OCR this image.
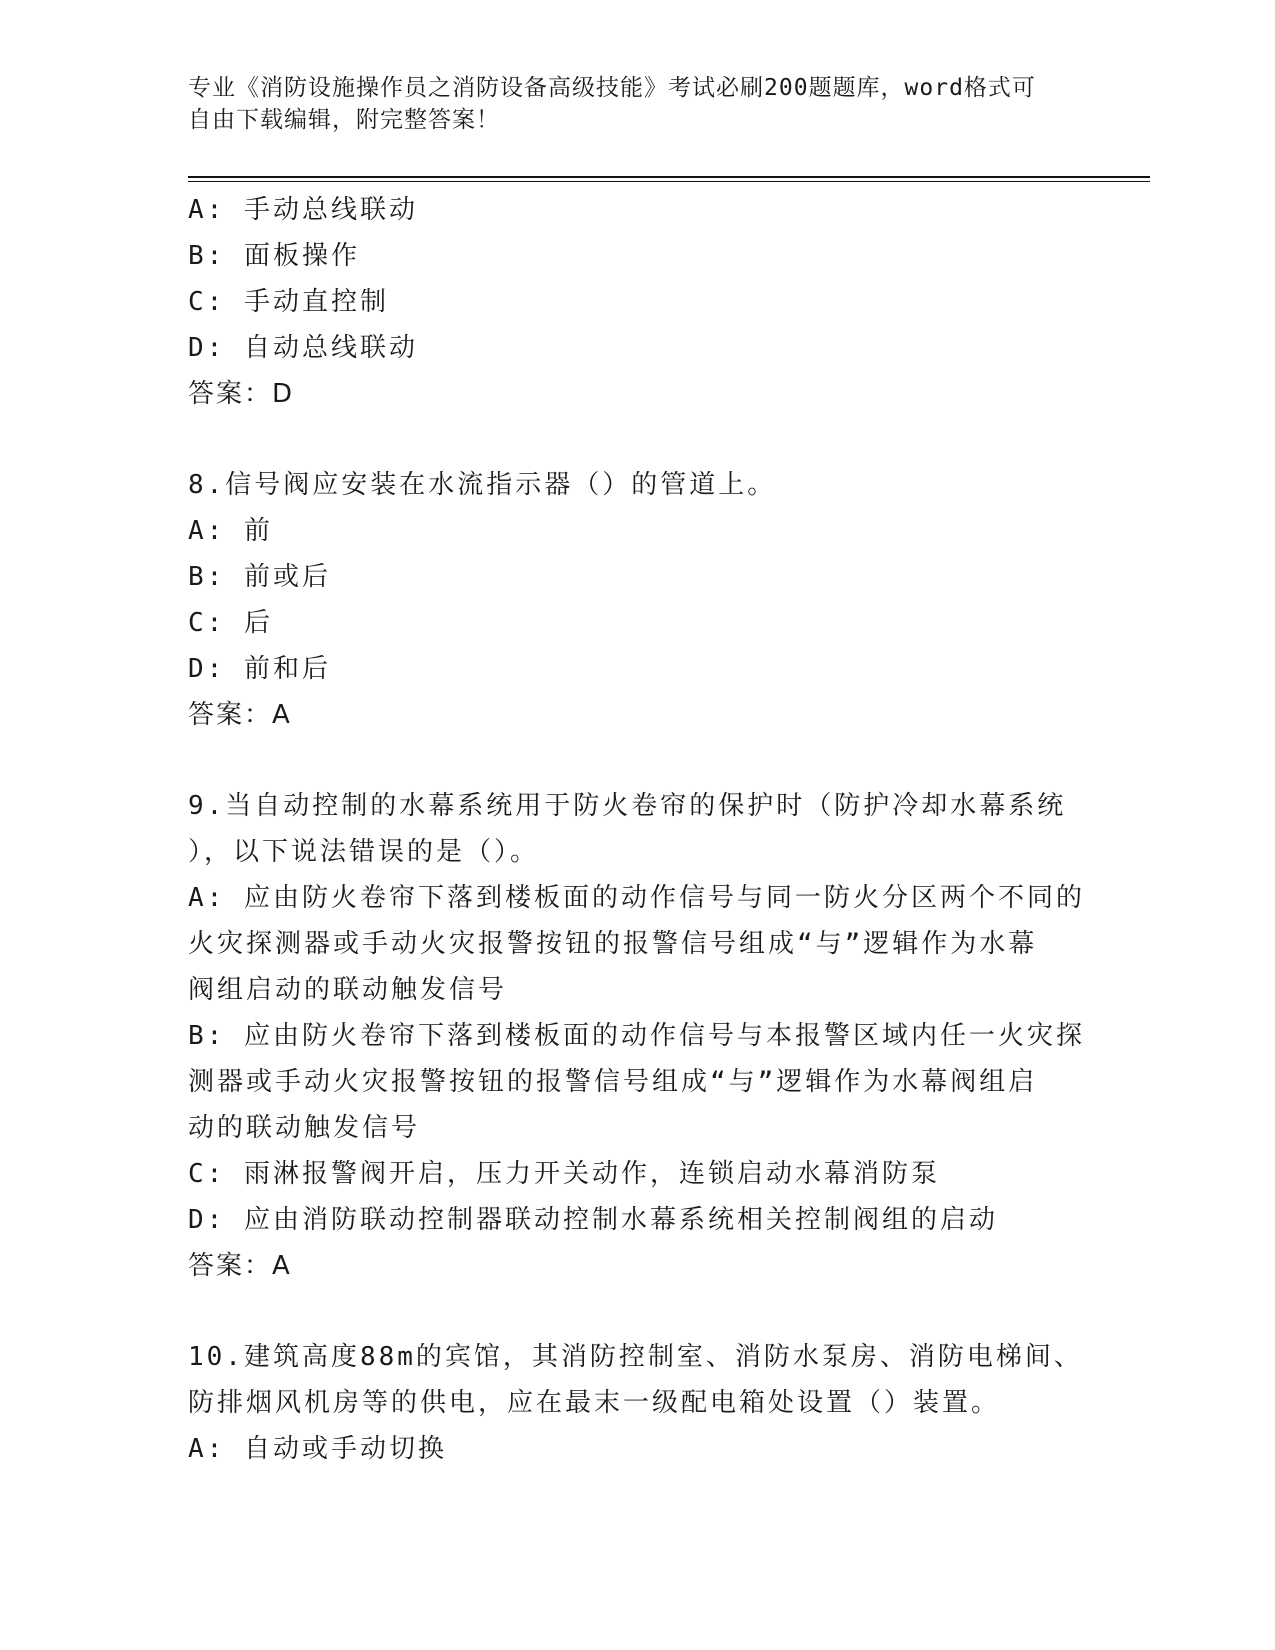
专业《消防设施操作员之消防设备高级技能》考试必刷200题题库，word格式可
自由下载编辑，附完整答案！
A: 手动总线联动
B: 面板操作
C: 手动直控制
D: 自动总线联动
答案：D
8.信号阀应安装在水流指示器（）的管道上。
A: 前
B: 前或后
C: 后
D: 前和后
答案：A
9.当自动控制的水幕系统用于防火卷帘的保护时（防护冷却水幕系统
），以下说法错误的是（）。
A: 应由防火卷帘下落到楼板面的动作信号与同一防火分区两个不同的
火灾探测器或手动火灾报警按钮的报警信号组成“与”逻辑作为水幕
阀组启动的联动触发信号
B: 应由防火卷帘下落到楼板面的动作信号与本报警区域内任一火灾探
测器或手动火灾报警按钮的报警信号组成“与”逻辑作为水幕阀组启
动的联动触发信号
C: 雨淋报警阀开启，压力开关动作，连锁启动水幕消防泵
D: 应由消防联动控制器联动控制水幕系统相关控制阀组的启动
答案：A
10.建筑高度88m的宾馆，其消防控制室、消防水泵房、消防电梯间、
防排烟风机房等的供电，应在最末一级配电箱处设置（）装置。
A: 自动或手动切换
